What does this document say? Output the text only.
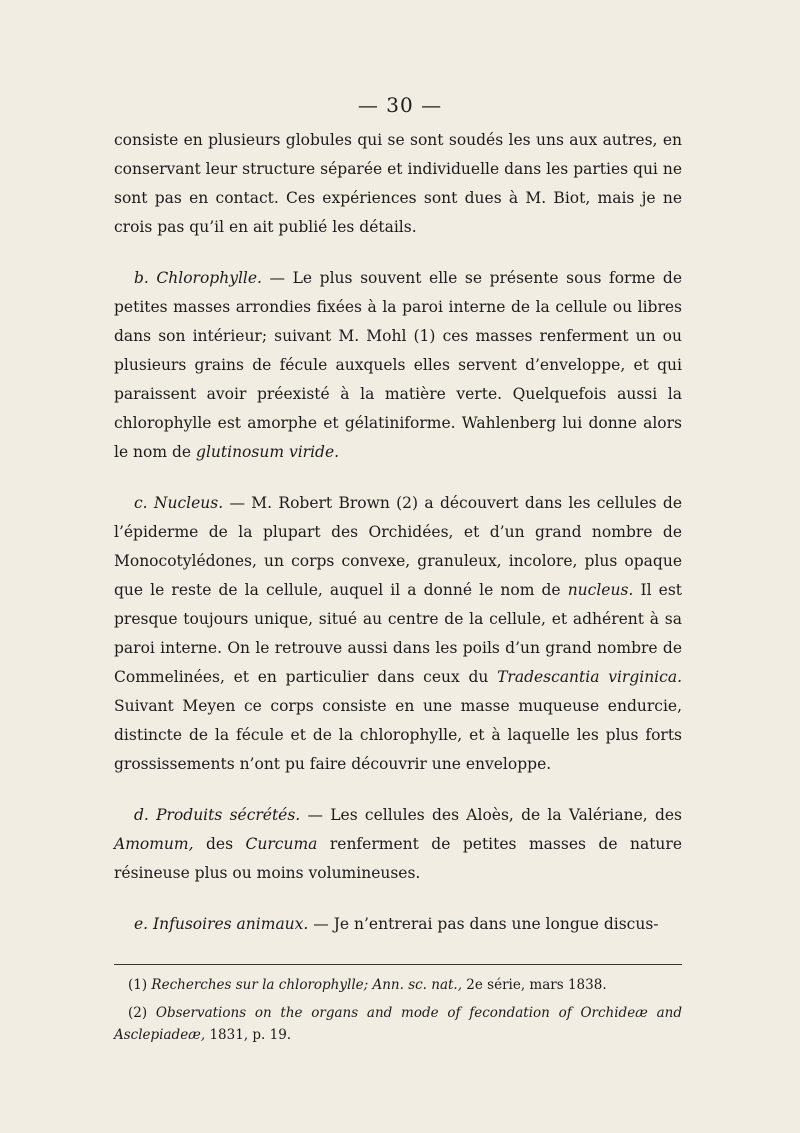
— 30 —

consiste en plusieurs globules qui se sont soudés les uns aux autres, en conservant leur structure séparée et individuelle dans les parties qui ne sont pas en contact. Ces expériences sont dues à M. Biot, mais je ne crois pas qu’il en ait publié les détails.

b. Chlorophylle. — Le plus souvent elle se présente sous forme de petites masses arrondies fixées à la paroi interne de la cellule ou libres dans son intérieur; suivant M. Mohl (1) ces masses renferment un ou plusieurs grains de fécule auxquels elles servent d’enveloppe, et qui paraissent avoir préexisté à la matière verte. Quelquefois aussi la chlorophylle est amorphe et gélatiniforme. Wahlenberg lui donne alors le nom de glutinosum viride.

c. Nucleus. — M. Robert Brown (2) a découvert dans les cellules de l’épiderme de la plupart des Orchidées, et d’un grand nombre de Monocotylédones, un corps convexe, granuleux, incolore, plus opaque que le reste de la cellule, auquel il a donné le nom de nucleus. Il est presque toujours unique, situé au centre de la cellule, et adhérent à sa paroi interne. On le retrouve aussi dans les poils d’un grand nombre de Commelinées, et en particulier dans ceux du Tradescantia virginica. Suivant Meyen ce corps consiste en une masse muqueuse endurcie, distincte de la fécule et de la chlorophylle, et à laquelle les plus forts grossissements n’ont pu faire découvrir une enveloppe.

d. Produits sécrétés. — Les cellules des Aloès, de la Valériane, des Amomum, des Curcuma renferment de petites masses de nature résineuse plus ou moins volumineuses.

e. Infusoires animaux. — Je n’entrerai pas dans une longue discus-

(1) Recherches sur la chlorophylle; Ann. sc. nat., 2e série, mars 1838.

(2) Observations on the organs and mode of fecondation of Orchideæ and Asclepiadeæ, 1831, p. 19.
